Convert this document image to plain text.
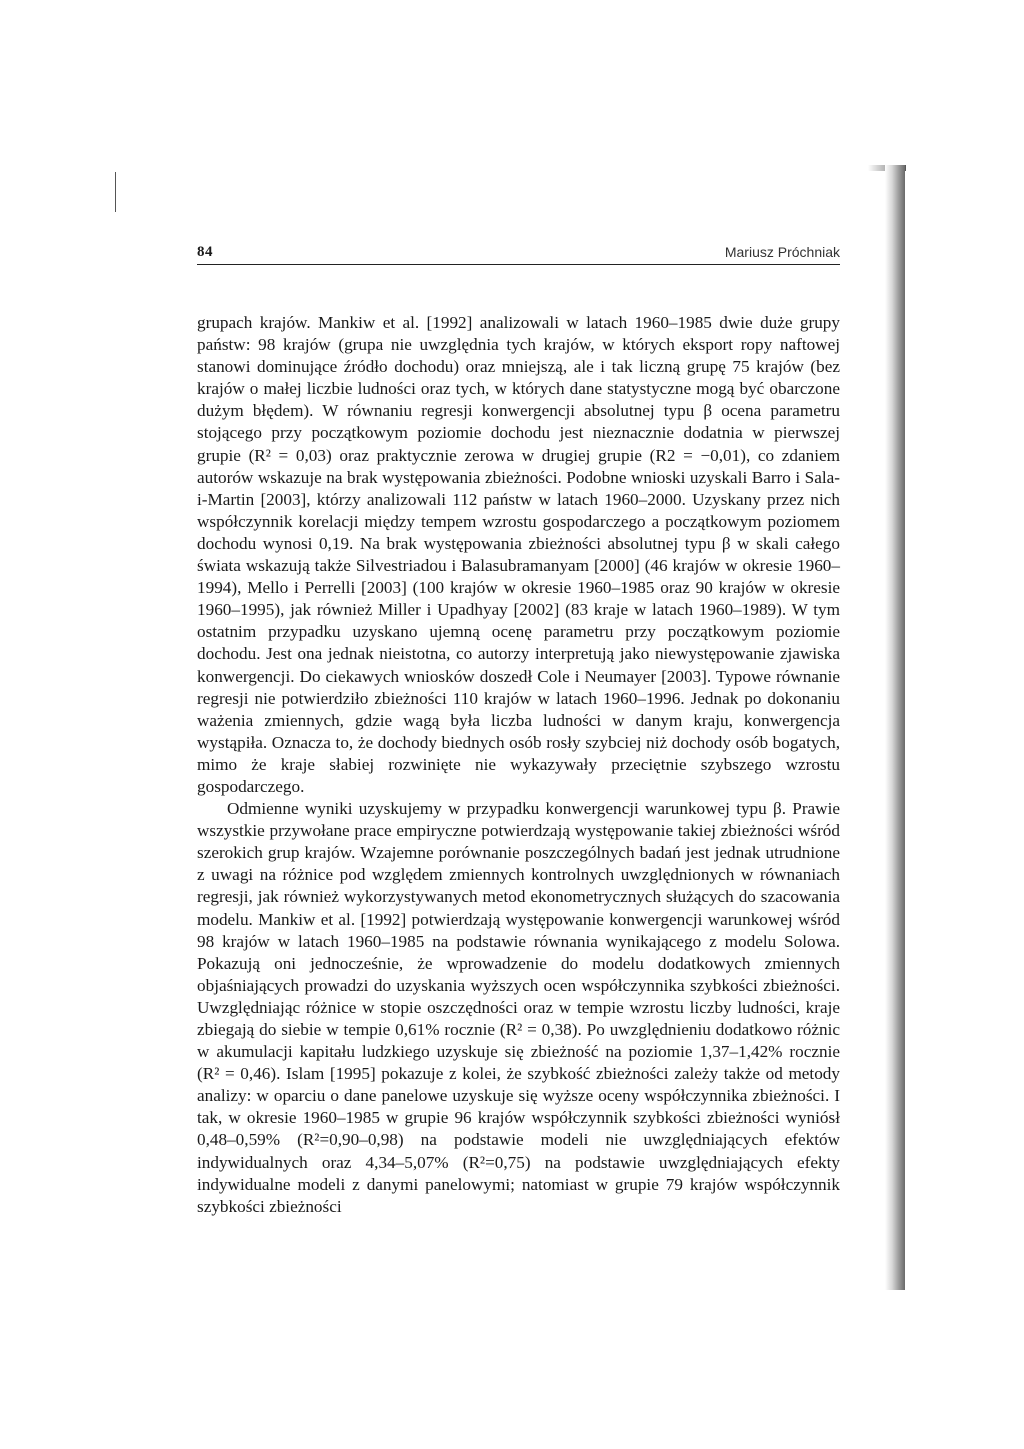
84	Mariusz Próchniak

grupach krajów. Mankiw et al. [1992] analizowali w latach 1960–1985 dwie duże grupy państw: 98 krajów (grupa nie uwzględnia tych krajów, w których eksport ropy naftowej stanowi dominujące źródło dochodu) oraz mniejszą, ale i tak liczną grupę 75 krajów (bez krajów o małej liczbie ludności oraz tych, w których dane statystyczne mogą być obarczone dużym błędem). W równaniu regresji konwergencji absolutnej typu β ocena parametru stojącego przy początkowym poziomie dochodu jest nieznacznie dodatnia w pierwszej grupie (R² = 0,03) oraz praktycznie zerowa w drugiej grupie (R2 = −0,01), co zdaniem autorów wskazuje na brak występowania zbieżności. Podobne wnioski uzyskali Barro i Sala-i-Martin [2003], którzy analizowali 112 państw w latach 1960–2000. Uzyskany przez nich współczynnik korelacji między tempem wzrostu gospodarczego a początkowym poziomem dochodu wynosi 0,19. Na brak występowania zbieżności absolutnej typu β w skali całego świata wskazują także Silvestriadou i Balasubramanyam [2000] (46 krajów w okresie 1960–1994), Mello i Perrelli [2003] (100 krajów w okresie 1960–1985 oraz 90 krajów w okresie 1960–1995), jak również Miller i Upadhyay [2002] (83 kraje w latach 1960–1989). W tym ostatnim przypadku uzyskano ujemną ocenę parametru przy początkowym poziomie dochodu. Jest ona jednak nieistotna, co autorzy interpretują jako niewystępowanie zjawiska konwergencji. Do ciekawych wniosków doszedł Cole i Neumayer [2003]. Typowe równanie regresji nie potwierdziło zbieżności 110 krajów w latach 1960–1996. Jednak po dokonaniu ważenia zmiennych, gdzie wagą była liczba ludności w danym kraju, konwergencja wystąpiła. Oznacza to, że dochody biednych osób rosły szybciej niż dochody osób bogatych, mimo że kraje słabiej rozwinięte nie wykazywały przeciętnie szybszego wzrostu gospodarczego.

Odmienne wyniki uzyskujemy w przypadku konwergencji warunkowej typu β. Prawie wszystkie przywołane prace empiryczne potwierdzają występowanie takiej zbieżności wśród szerokich grup krajów. Wzajemne porównanie poszczególnych badań jest jednak utrudnione z uwagi na różnice pod względem zmiennych kontrolnych uwzględnionych w równaniach regresji, jak również wykorzystywanych metod ekonometrycznych służących do szacowania modelu. Mankiw et al. [1992] potwierdzają występowanie konwergencji warunkowej wśród 98 krajów w latach 1960–1985 na podstawie równania wynikającego z modelu Solowa. Pokazują oni jednocześnie, że wprowadzenie do modelu dodatkowych zmiennych objaśniających prowadzi do uzyskania wyższych ocen współczynnika szybkości zbieżności. Uwzględniając różnice w stopie oszczędności oraz w tempie wzrostu liczby ludności, kraje zbiegają do siebie w tempie 0,61% rocznie (R² = 0,38). Po uwzględnieniu dodatkowo różnic w akumulacji kapitału ludzkiego uzyskuje się zbieżność na poziomie 1,37–1,42% rocznie (R² = 0,46). Islam [1995] pokazuje z kolei, że szybkość zbieżności zależy także od metody analizy: w oparciu o dane panelowe uzyskuje się wyższe oceny współczynnika zbieżności. I tak, w okresie 1960–1985 w grupie 96 krajów współczynnik szybkości zbieżności wyniósł 0,48–0,59% (R²=0,90–0,98) na podstawie modeli nie uwzględniających efektów indywidualnych oraz 4,34–5,07% (R²=0,75) na podstawie uwzględniających efekty indywidualne modeli z danymi panelowymi; natomiast w grupie 79 krajów współczynnik szybkości zbieżności
